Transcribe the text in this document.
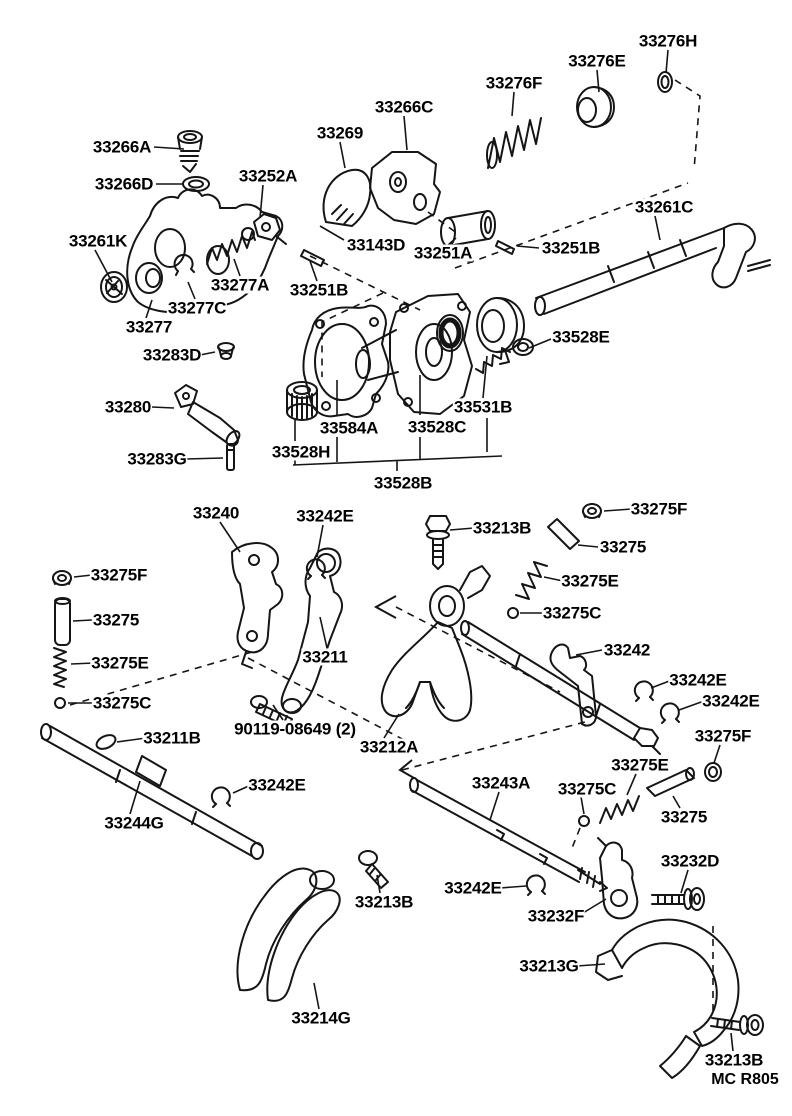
33276H
33276E
33276F
33266C
33269
33266A
33266D	33252A
33143D 33251A	33251B
33261C
33261K
33277A 33251B
33277C
33277
33283D
33528E
33280	33531B
33584A 33528C
33283G	33528H
33528B
33240	33242E
33213B
33275F
33275
33275E
33275C
33275F
33275
33275E
33275C
33211	33242
33242E
33242E
33211B 90119-08649 (2)
33212A
33275F
33275E
33243A 33275C
33275
33244G
33242E
33213B
33242E
33232F
33232D
33213G
33214G
33213B
MC R805
